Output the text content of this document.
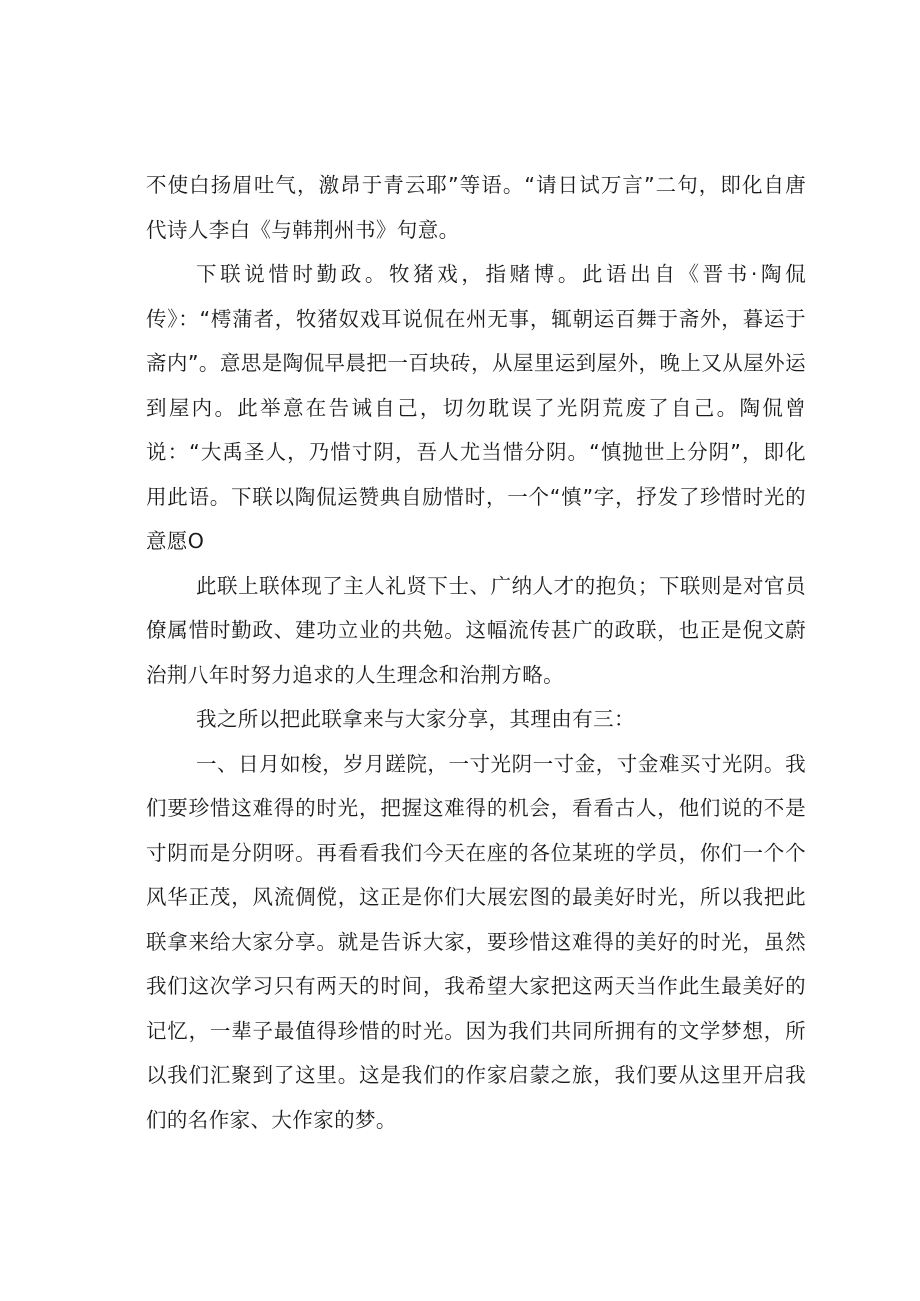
不使白扬眉吐气，激昂于青云耶”等语。“请日试万言”二句，即化自唐代诗人李白《与韩荆州书》句意。

下联说惜时勤政。牧猪戏，指赌博。此语出自《晋书·陶侃传》：“樗蒲者，牧猪奴戏耳说侃在州无事，辄朝运百舞于斋外，暮运于斋内”。意思是陶侃早晨把一百块砖，从屋里运到屋外，晚上又从屋外运到屋内。此举意在告诫自己，切勿耽误了光阴荒废了自己。陶侃曾说：“大禹圣人，乃惜寸阴，吾人尤当惜分阴。“慎抛世上分阴”，即化用此语。下联以陶侃运赞典自励惜时，一个“慎”字，抒发了珍惜时光的意愿O

此联上联体现了主人礼贤下士、广纳人才的抱负；下联则是对官员僚属惜时勤政、建功立业的共勉。这幅流传甚广的政联，也正是倪文蔚治荆八年时努力追求的人生理念和治荆方略。

我之所以把此联拿来与大家分享，其理由有三：

一、日月如梭，岁月蹉院，一寸光阴一寸金，寸金难买寸光阴。我们要珍惜这难得的时光，把握这难得的机会，看看古人，他们说的不是寸阴而是分阴呀。再看看我们今天在座的各位某班的学员，你们一个个风华正茂，风流倜傥，这正是你们大展宏图的最美好时光，所以我把此联拿来给大家分享。就是告诉大家，要珍惜这难得的美好的时光，虽然我们这次学习只有两天的时间，我希望大家把这两天当作此生最美好的记忆，一辈子最值得珍惜的时光。因为我们共同所拥有的文学梦想，所以我们汇聚到了这里。这是我们的作家启蒙之旅，我们要从这里开启我们的名作家、大作家的梦。
